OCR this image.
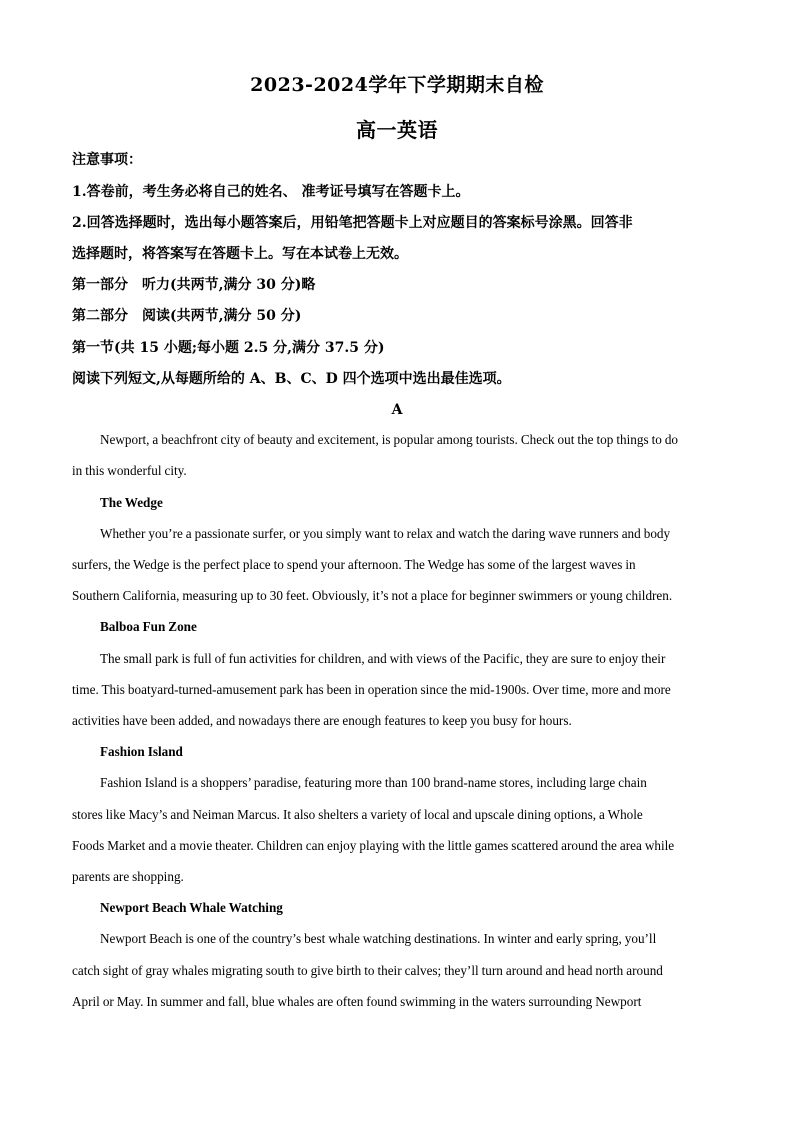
2023-2024学年下学期期末自检
高一英语
注意事项：
1.答卷前，考生务必将自己的姓名、 准考证号填写在答题卡上。
2.回答选择题时，选出每小题答案后，用铅笔把答题卡上对应题目的答案标号涂黑。回答非
选择题时，将答案写在答题卡上。写在本试卷上无效。
第一部分　听力(共两节,满分 30 分)略
第二部分　阅读(共两节,满分 50 分)
第一节(共 15 小题;每小题 2.5 分,满分 37.5 分)
阅读下列短文,从每题所给的 A、B、C、D 四个选项中选出最佳选项。
A
Newport, a beachfront city of beauty and excitement, is popular among tourists. Check out the top things to do
in this wonderful city.
The Wedge
Whether you’re a passionate surfer, or you simply want to relax and watch the daring wave runners and body
surfers, the Wedge is the perfect place to spend your afternoon. The Wedge has some of the largest waves in
Southern California, measuring up to 30 feet. Obviously, it’s not a place for beginner swimmers or young children.
Balboa Fun Zone
The small park is full of fun activities for children, and with views of the Pacific, they are sure to enjoy their
time. This boatyard-turned-amusement park has been in operation since the mid-1900s. Over time, more and more
activities have been added, and nowadays there are enough features to keep you busy for hours.
Fashion Island
Fashion Island is a shoppers’ paradise, featuring more than 100 brand-name stores, including large chain
stores like Macy’s and Neiman Marcus. It also shelters a variety of local and upscale dining options, a Whole
Foods Market and a movie theater. Children can enjoy playing with the little games scattered around the area while
parents are shopping.
Newport Beach Whale Watching
Newport Beach is one of the country’s best whale watching destinations. In winter and early spring, you’ll
catch sight of gray whales migrating south to give birth to their calves; they’ll turn around and head north around
April or May. In summer and fall, blue whales are often found swimming in the waters surrounding Newport
